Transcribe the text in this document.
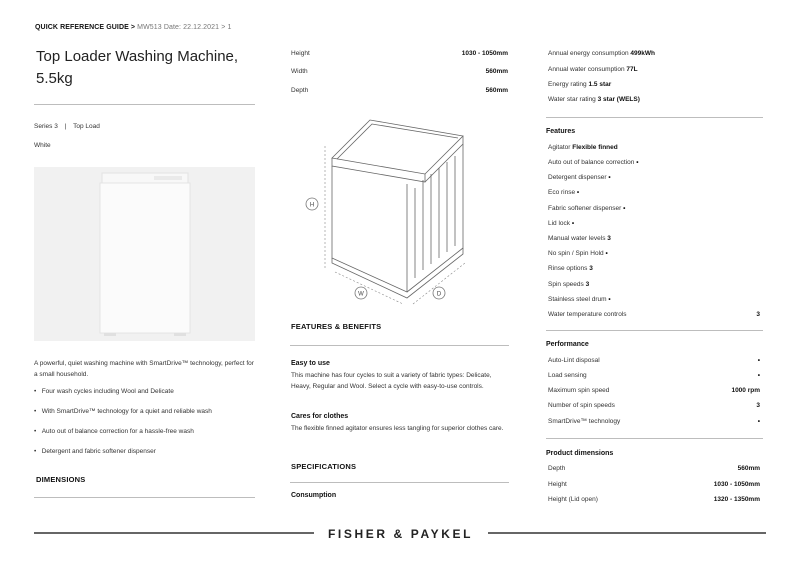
QUICK REFERENCE GUIDE > MW513 Date: 22.12.2021 > 1
Top Loader Washing Machine,
5.5kg
Series 3 | Top Load
White
A powerful, quiet washing machine with SmartDrive™ technology, perfect for a small household.
•   Four wash cycles including Wool and Delicate
•   With SmartDrive™ technology for a quiet and reliable wash
•   Auto out of balance correction for a hassle-free wash
•   Detergent and fabric softener dispenser
DIMENSIONS
Height	1030 - 1050mm
Width	560mm
Depth	560mm
H
W	D
FEATURES & BENEFITS
Easy to use
This machine has four cycles to suit a variety of fabric types: Delicate, Heavy, Regular and Wool. Select a cycle with easy-to-use controls.
Cares for clothes
The flexible finned agitator ensures less tangling for superior clothes care.
SPECIFICATIONS
Consumption
Annual energy consumption 499kWh
Annual water consumption 77L
Energy rating 1.5 star
Water star rating 3 star (WELS)
Features
Agitator Flexible finned
Auto out of balance correction •
Detergent dispenser •
Eco rinse •
Fabric softener dispenser •
Lid lock •
Manual water levels 3
No spin / Spin Hold •
Rinse options 3
Spin speeds 3
Stainless steel drum •
Water temperature controls	3
Performance
Auto-Lint disposal	•
Load sensing	•
Maximum spin speed	1000 rpm
Number of spin speeds	3
SmartDrive™ technology	•
Product dimensions
Depth	560mm
Height	1030 - 1050mm
Height (Lid open)	1320 - 1350mm
FISHER & PAYKEL
